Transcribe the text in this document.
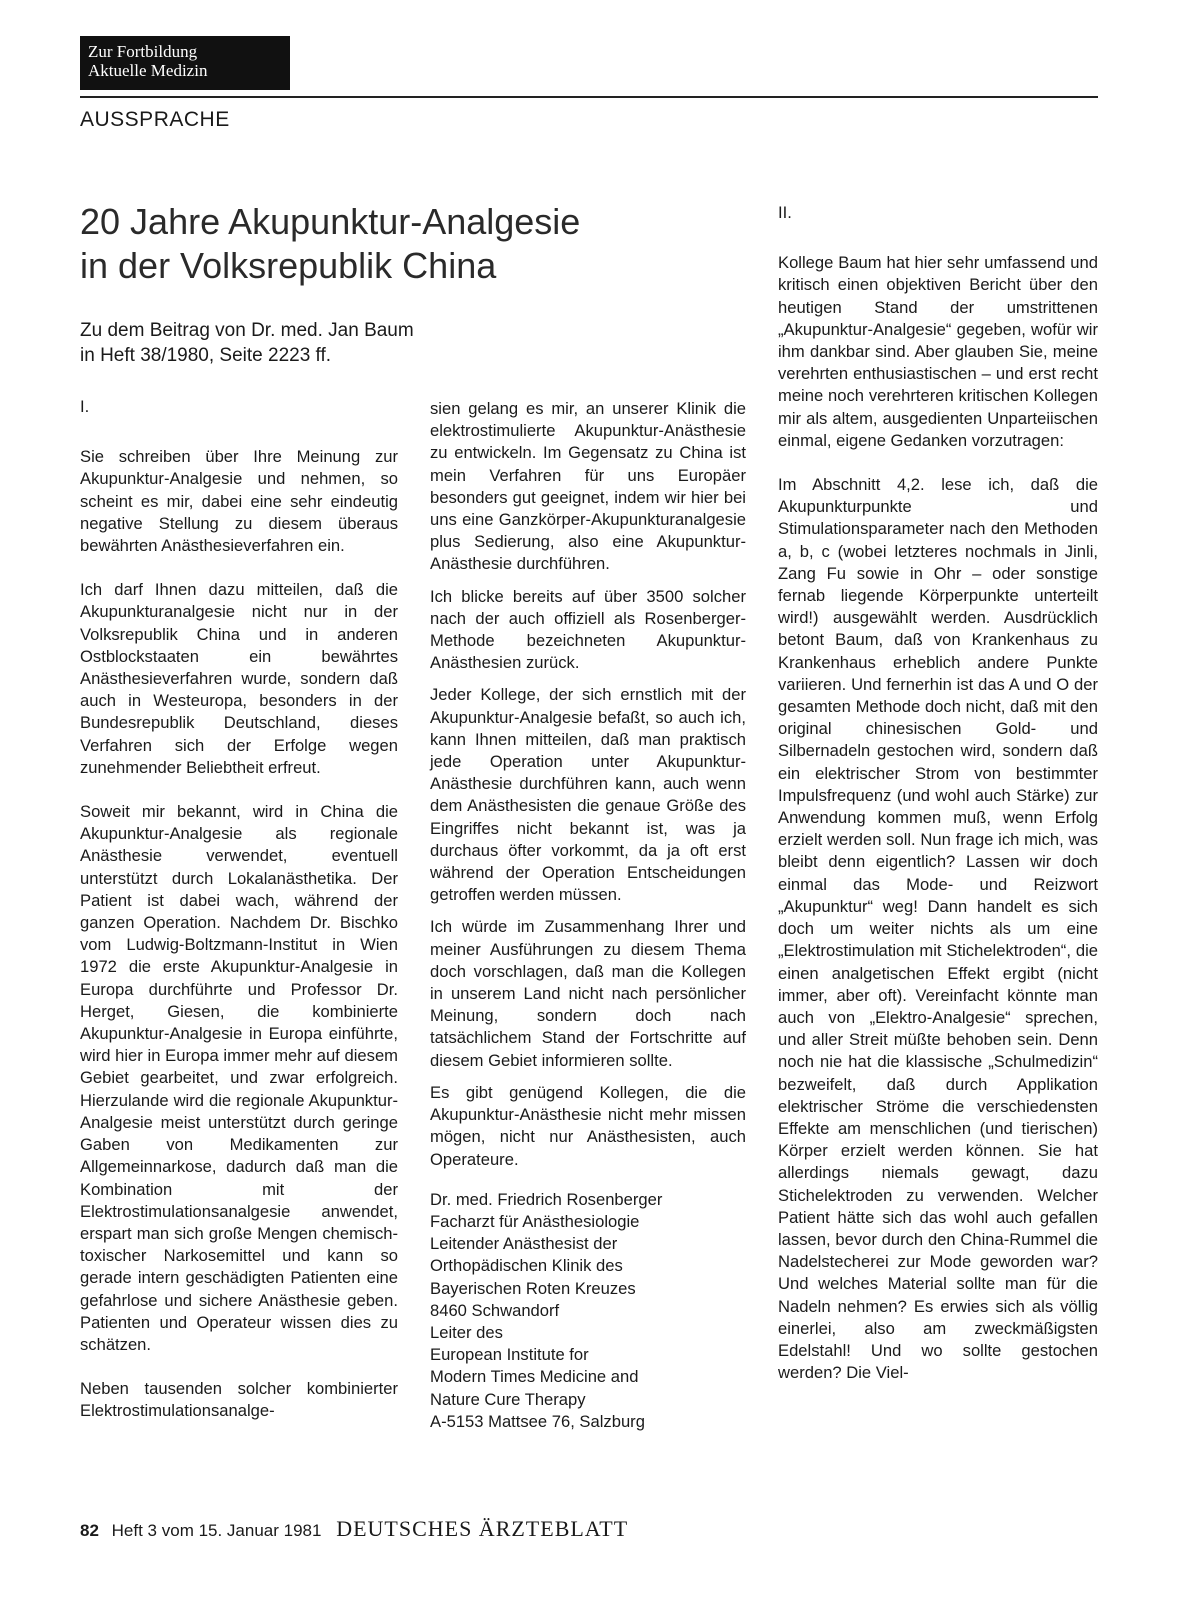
Zur Fortbildung
Aktuelle Medizin
AUSSPRACHE
20 Jahre Akupunktur-Analgesie
in der Volksrepublik China
Zu dem Beitrag von Dr. med. Jan Baum
in Heft 38/1980, Seite 2223 ff.

I.

Sie schreiben über Ihre Meinung zur Akupunktur-Analgesie und nehmen, so scheint es mir, dabei eine sehr eindeutig negative Stellung zu diesem überaus bewährten Anästhesieverfahren ein.

Ich darf Ihnen dazu mitteilen, daß die Akupunkturanalgesie nicht nur in der Volksrepublik China und in anderen Ostblockstaaten ein bewährtes Anästhesieverfahren wurde, sondern daß auch in Westeuropa, besonders in der Bundesrepublik Deutschland, dieses Verfahren sich der Erfolge wegen zunehmender Beliebtheit erfreut.

Soweit mir bekannt, wird in China die Akupunktur-Analgesie als regionale Anästhesie verwendet, eventuell unterstützt durch Lokalanästhetika. Der Patient ist dabei wach, während der ganzen Operation. Nachdem Dr. Bischko vom Ludwig-Boltzmann-Institut in Wien 1972 die erste Akupunktur-Analgesie in Europa durchführte und Professor Dr. Herget, Giesen, die kombinierte Akupunktur-Analgesie in Europa einführte, wird hier in Europa immer mehr auf diesem Gebiet gearbeitet, und zwar erfolgreich. Hierzulande wird die regionale Akupunktur-Analgesie meist unterstützt durch geringe Gaben von Medikamenten zur Allgemeinnarkose, dadurch daß man die Kombination mit der Elektrostimulationsanalgesie anwendet, erspart man sich große Mengen chemisch-toxischer Narkosemittel und kann so gerade intern geschädigten Patienten eine gefahrlose und sichere Anästhesie geben. Patienten und Operateur wissen dies zu schätzen.

Neben tausenden solcher kombinierter Elektrostimulationsanalge-

sien gelang es mir, an unserer Klinik die elektrostimulierte Akupunktur-Anästhesie zu entwickeln. Im Gegensatz zu China ist mein Verfahren für uns Europäer besonders gut geeignet, indem wir hier bei uns eine Ganzkörper-Akupunkturanalgesie plus Sedierung, also eine Akupunktur-Anästhesie durchführen.

Ich blicke bereits auf über 3500 solcher nach der auch offiziell als Rosenberger-Methode bezeichneten Akupunktur-Anästhesien zurück.

Jeder Kollege, der sich ernstlich mit der Akupunktur-Analgesie befaßt, so auch ich, kann Ihnen mitteilen, daß man praktisch jede Operation unter Akupunktur-Anästhesie durchführen kann, auch wenn dem Anästhesisten die genaue Größe des Eingriffes nicht bekannt ist, was ja durchaus öfter vorkommt, da ja oft erst während der Operation Entscheidungen getroffen werden müssen.

Ich würde im Zusammenhang Ihrer und meiner Ausführungen zu diesem Thema doch vorschlagen, daß man die Kollegen in unserem Land nicht nach persönlicher Meinung, sondern doch nach tatsächlichem Stand der Fortschritte auf diesem Gebiet informieren sollte.

Es gibt genügend Kollegen, die die Akupunktur-Anästhesie nicht mehr missen mögen, nicht nur Anästhesisten, auch Operateure.

Dr. med. Friedrich Rosenberger
Facharzt für Anästhesiologie
Leitender Anästhesist der
Orthopädischen Klinik des
Bayerischen Roten Kreuzes
8460 Schwandorf
Leiter des
European Institute for
Modern Times Medicine and
Nature Cure Therapy
A-5153 Mattsee 76, Salzburg

II.

Kollege Baum hat hier sehr umfassend und kritisch einen objektiven Bericht über den heutigen Stand der umstrittenen „Akupunktur-Analgesie“ gegeben, wofür wir ihm dankbar sind. Aber glauben Sie, meine verehrten enthusiastischen – und erst recht meine noch verehrteren kritischen Kollegen mir als altem, ausgedienten Unparteiischen einmal, eigene Gedanken vorzutragen:

Im Abschnitt 4,2. lese ich, daß die Akupunkturpunkte und Stimulationsparameter nach den Methoden a, b, c (wobei letzteres nochmals in Jinli, Zang Fu sowie in Ohr – oder sonstige fernab liegende Körperpunkte unterteilt wird!) ausgewählt werden. Ausdrücklich betont Baum, daß von Krankenhaus zu Krankenhaus erheblich andere Punkte variieren. Und fernerhin ist das A und O der gesamten Methode doch nicht, daß mit den original chinesischen Gold- und Silbernadeln gestochen wird, sondern daß ein elektrischer Strom von bestimmter Impulsfrequenz (und wohl auch Stärke) zur Anwendung kommen muß, wenn Erfolg erzielt werden soll. Nun frage ich mich, was bleibt denn eigentlich? Lassen wir doch einmal das Mode- und Reizwort „Akupunktur“ weg! Dann handelt es sich doch um weiter nichts als um eine „Elektrostimulation mit Stichelektroden“, die einen analgetischen Effekt ergibt (nicht immer, aber oft). Vereinfacht könnte man auch von „Elektro-Analgesie“ sprechen, und aller Streit müßte behoben sein. Denn noch nie hat die klassische „Schulmedizin“ bezweifelt, daß durch Applikation elektrischer Ströme die verschiedensten Effekte am menschlichen (und tierischen) Körper erzielt werden können. Sie hat allerdings niemals gewagt, dazu Stichelektroden zu verwenden. Welcher Patient hätte sich das wohl auch gefallen lassen, bevor durch den China-Rummel die Nadelstecherei zur Mode geworden war? Und welches Material sollte man für die Nadeln nehmen? Es erwies sich als völlig einerlei, also am zweckmäßigsten Edelstahl! Und wo sollte gestochen werden? Die Viel-

82 Heft 3 vom 15. Januar 1981 DEUTSCHES ÄRZTEBLATT
